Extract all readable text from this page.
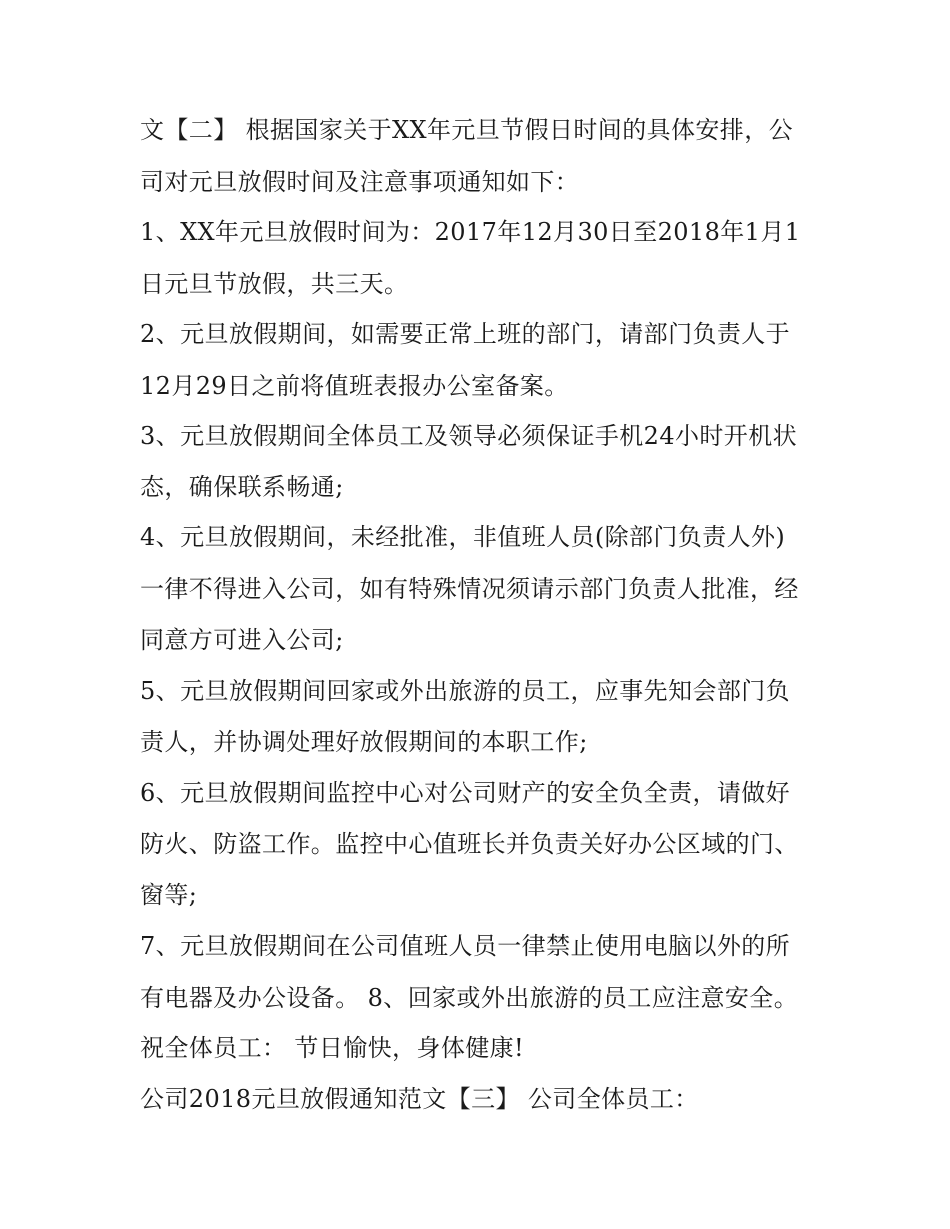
文【二】 根据国家关于XX年元旦节假日时间的具体安排，公
司对元旦放假时间及注意事项通知如下：
1、XX年元旦放假时间为：2017年12月30日至2018年1月1
日元旦节放假，共三天。
2、元旦放假期间，如需要正常上班的部门，请部门负责人于
12月29日之前将值班表报办公室备案。
3、元旦放假期间全体员工及领导必须保证手机24小时开机状
态，确保联系畅通;
4、元旦放假期间，未经批准，非值班人员(除部门负责人外)
一律不得进入公司，如有特殊情况须请示部门负责人批准，经
同意方可进入公司;
5、元旦放假期间回家或外出旅游的员工，应事先知会部门负
责人，并协调处理好放假期间的本职工作;
6、元旦放假期间监控中心对公司财产的安全负全责，请做好
防火、防盗工作。监控中心值班长并负责关好办公区域的门、
窗等;
7、元旦放假期间在公司值班人员一律禁止使用电脑以外的所
有电器及办公设备。 8、回家或外出旅游的员工应注意安全。
祝全体员工： 节日愉快，身体健康!
公司2018元旦放假通知范文【三】 公司全体员工：
